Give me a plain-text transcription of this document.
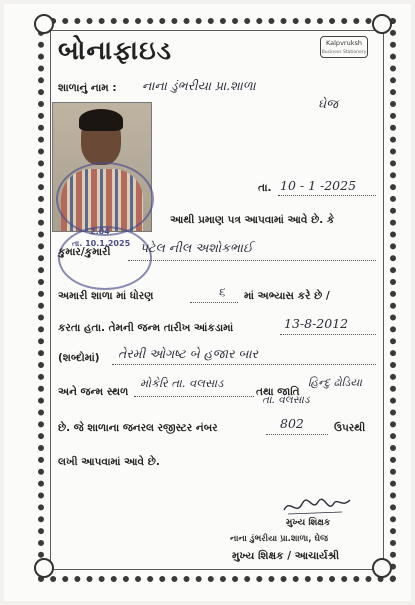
બોનાફાઇડ	Kalpvruksh
Business Stationery
શાળાનું નામ : નાના ડુંભરીયા પ્રા.શાળા
ઘેજ
2.04
તા. 10.1.2025
તા. 10 - 1 -2025
આથી પ્રમાણ પત્ર આપવામાં આવે છે. કે
કુમાર/કુમારી પટેલ નીલ અશોકભાઈ
અમારી શાળા માં ધોરણ	૬ માં અભ્યાસ કરે છે /
કરતા હતા. તેમની જન્મ તારીખ આંકડામાં	13-8-2012
(શબ્દોમાં) તેરમી ઓગષ્ટ બે હજાર બાર
અને જન્મ સ્થળ
મોકેરિ તા. વલસાડ
તથા જાતિ
હિન્દુ ઢોડિયા
તા. વલસાડ
છે. જે શાળાના જનરલ રજીસ્ટર નંબર	802	ઉપરથી
લખી આપવામાં આવે છે.
મુખ્ય શિક્ષક
નાના ડુંભરીયા પ્રા.શાળા, ઘેજ
મુખ્ય શિક્ષક / આચાર્યશ્રી
